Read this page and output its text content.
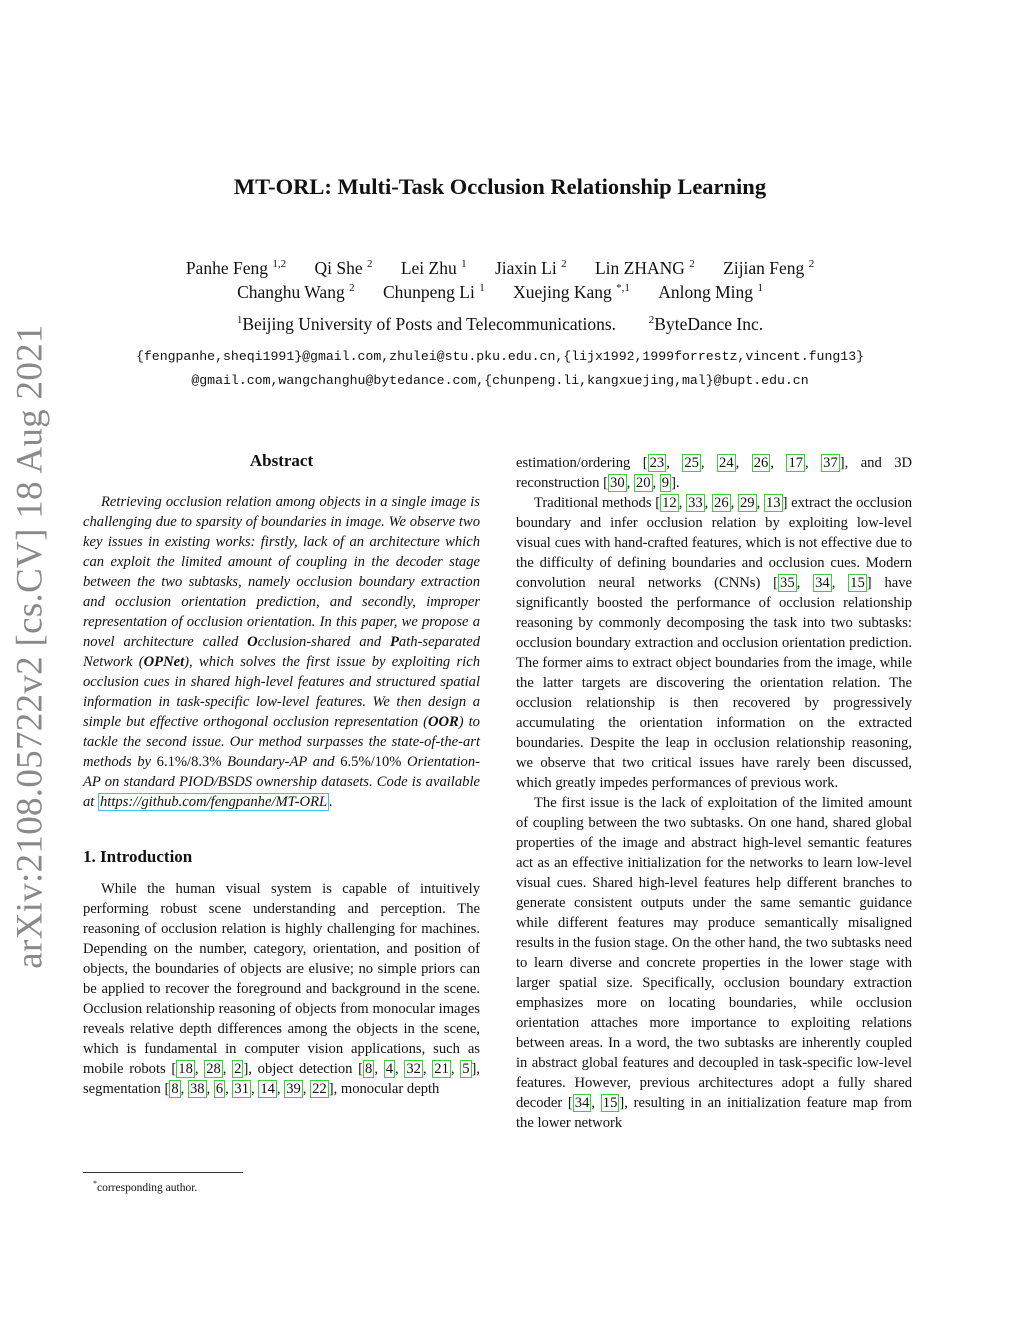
arXiv:2108.05722v2 [cs.CV] 18 Aug 2021
MT-ORL: Multi-Task Occlusion Relationship Learning
Panhe Feng $^{1,2}$ Qi She $^2$ Lei Zhu $^1$ Jiaxin Li $^2$ Lin ZHANG $^2$ Zijian Feng $^2$
Changhu Wang $^2$ Chunpeng Li $^1$ Xuejing Kang $^{*,1}$ Anlong Ming $^1$
$^1$Beijing University of Posts and Telecommunications.	$^2$ByteDance Inc.
{fengpanhe,sheqi1991}@gmail.com,zhulei@stu.pku.edu.cn,{lijx1992,1999forrestz,vincent.fung13}
@gmail.com,wangchanghu@bytedance.com,{chunpeng.li,kangxuejing,mal}@bupt.edu.cn
Abstract

Retrieving occlusion relation among objects in a single image is challenging due to sparsity of boundaries in image. We observe two key issues in existing works: firstly, lack of an architecture which can exploit the limited amount of coupling in the decoder stage between the two subtasks, namely occlusion boundary extraction and occlusion orientation prediction, and secondly, improper representation of occlusion orientation. In this paper, we propose a novel architecture called Occlusion-shared and Path-separated Network (OPNet), which solves the first issue by exploiting rich occlusion cues in shared high-level features and structured spatial information in task-specific low-level features. We then design a simple but effective orthogonal occlusion representation (OOR) to tackle the second issue. Our method surpasses the state-of-the-art methods by 6.1%/8.3% Boundary-AP and 6.5%/10% Orientation-AP on standard PIOD/BSDS ownership datasets. Code is available at https://github.com/fengpanhe/MT-ORL .

1. Introduction

While the human visual system is capable of intuitively performing robust scene understanding and perception. The reasoning of occlusion relation is highly challenging for machines. Depending on the number, category, orientation, and position of objects, the boundaries of objects are elusive; no simple priors can be applied to recover the foreground and background in the scene. Occlusion relationship reasoning of objects from monocular images reveals relative depth differences among the objects in the scene, which is fundamental in computer vision applications, such as mobile robots [ 18 , 28 , 2 ], object detection [ 8 , 4 , 32 , 21 , 5 ], segmentation [ 8 , 38 , 6 , 31 , 14 , 39 , 22 ], monocular depth

*corresponding author.

estimation/ordering [ 23 , 25 , 24 , 26 , 17 , 37 ], and 3D reconstruction [ 30 , 20 , 9 ].

Traditional methods [ 12 , 33 , 26 , 29 , 13 ] extract the occlusion boundary and infer occlusion relation by exploiting low-level visual cues with hand-crafted features, which is not effective due to the difficulty of defining boundaries and occlusion cues. Modern convolution neural networks (CNNs) [ 35 , 34 , 15 ] have significantly boosted the performance of occlusion relationship reasoning by commonly decomposing the task into two subtasks: occlusion boundary extraction and occlusion orientation prediction. The former aims to extract object boundaries from the image, while the latter targets are discovering the orientation relation. The occlusion relationship is then recovered by progressively accumulating the orientation information on the extracted boundaries. Despite the leap in occlusion relationship reasoning, we observe that two critical issues have rarely been discussed, which greatly impedes performances of previous work.

The first issue is the lack of exploitation of the limited amount of coupling between the two subtasks. On one hand, shared global properties of the image and abstract high-level semantic features act as an effective initialization for the networks to learn low-level visual cues. Shared high-level features help different branches to generate consistent outputs under the same semantic guidance while different features may produce semantically misaligned results in the fusion stage. On the other hand, the two subtasks need to learn diverse and concrete properties in the lower stage with larger spatial size. Specifically, occlusion boundary extraction emphasizes more on locating boundaries, while occlusion orientation attaches more importance to exploiting relations between areas. In a word, the two subtasks are inherently coupled in abstract global features and decoupled in task-specific low-level features. However, previous architectures adopt a fully shared decoder [ 34 , 15 ], resulting in an initialization feature map from the lower network
